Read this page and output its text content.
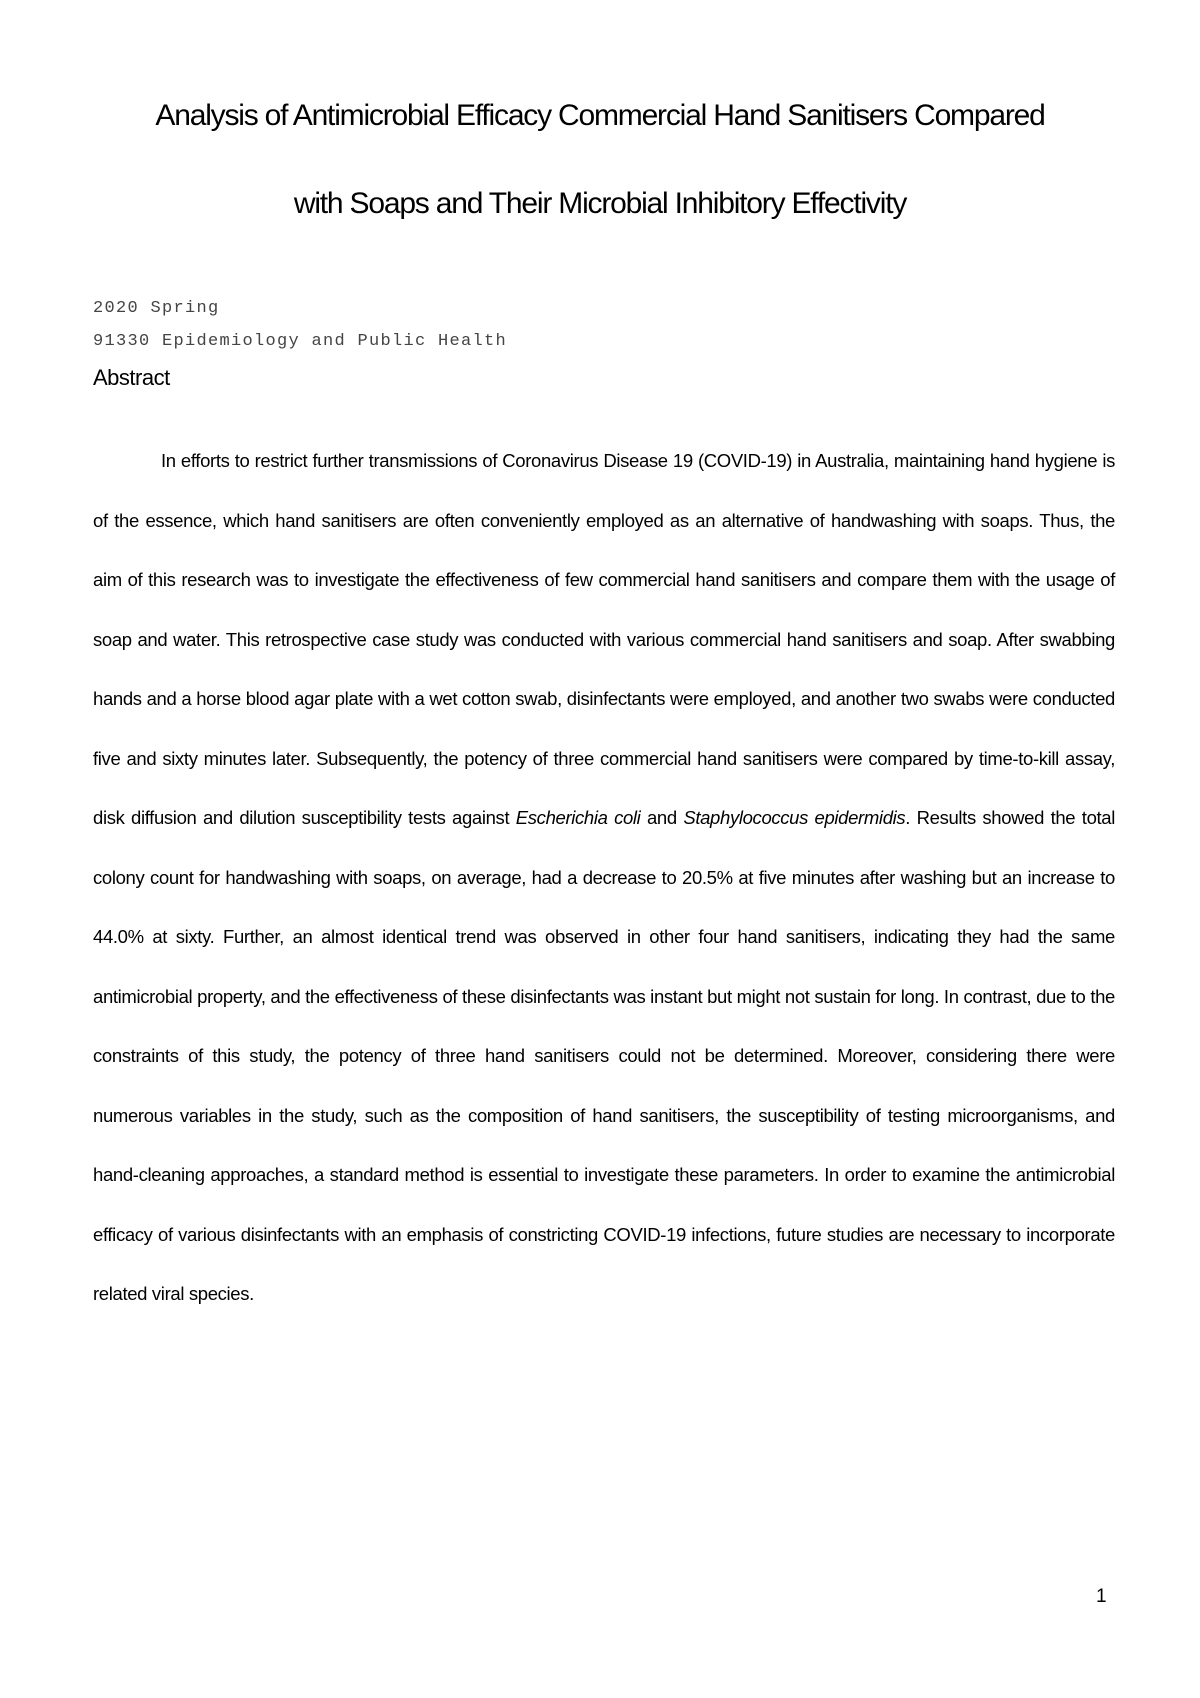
Analysis of Antimicrobial Efficacy Commercial Hand Sanitisers Compared
with Soaps and Their Microbial Inhibitory Effectivity
2020 Spring
91330 Epidemiology and Public Health
Abstract

In efforts to restrict further transmissions of Coronavirus Disease 19 (COVID-19) in Australia, maintaining hand hygiene is of the essence, which hand sanitisers are often conveniently employed as an alternative of handwashing with soaps. Thus, the aim of this research was to investigate the effectiveness of few commercial hand sanitisers and compare them with the usage of soap and water. This retrospective case study was conducted with various commercial hand sanitisers and soap. After swabbing hands and a horse blood agar plate with a wet cotton swab, disinfectants were employed, and another two swabs were conducted five and sixty minutes later. Subsequently, the potency of three commercial hand sanitisers were compared by time-to-kill assay, disk diffusion and dilution susceptibility tests against Escherichia coli and Staphylococcus epidermidis. Results showed the total colony count for handwashing with soaps, on average, had a decrease to 20.5% at five minutes after washing but an increase to 44.0% at sixty. Further, an almost identical trend was observed in other four hand sanitisers, indicating they had the same antimicrobial property, and the effectiveness of these disinfectants was instant but might not sustain for long. In contrast, due to the constraints of this study, the potency of three hand sanitisers could not be determined. Moreover, considering there were numerous variables in the study, such as the composition of hand sanitisers, the susceptibility of testing microorganisms, and hand-cleaning approaches, a standard method is essential to investigate these parameters. In order to examine the antimicrobial efficacy of various disinfectants with an emphasis of constricting COVID-19 infections, future studies are necessary to incorporate related viral species.

1
